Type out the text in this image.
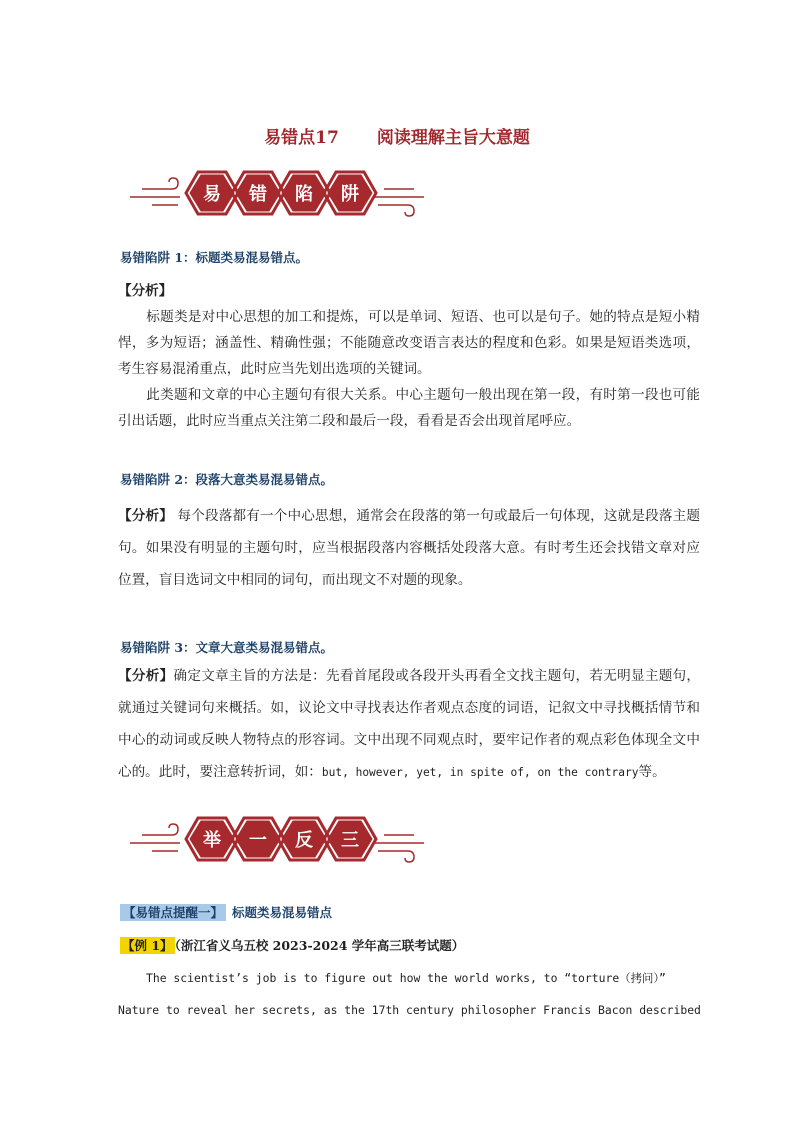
易错点17 阅读理解主旨大意题
易 错 陷 阱
易错陷阱 1：标题类易混易错点。
【分析】
标题类是对中心思想的加工和提炼，可以是单词、短语、也可以是句子。她的特点是短小精悍，多为短语；涵盖性、精确性强；不能随意改变语言表达的程度和色彩。如果是短语类选项，考生容易混淆重点，此时应当先划出选项的关键词。
此类题和文章的中心主题句有很大关系。中心主题句一般出现在第一段，有时第一段也可能引出话题，此时应当重点关注第二段和最后一段，看看是否会出现首尾呼应。
易错陷阱 2：段落大意类易混易错点。
【分析】 每个段落都有一个中心思想，通常会在段落的第一句或最后一句体现，这就是段落主题句。如果没有明显的主题句时，应当根据段落内容概括处段落大意。有时考生还会找错文章对应位置，盲目选词文中相同的词句，而出现文不对题的现象。
易错陷阱 3：文章大意类易混易错点。
【分析】确定文章主旨的方法是：先看首尾段或各段开头再看全文找主题句，若无明显主题句，就通过关键词句来概括。如，议论文中寻找表达作者观点态度的词语，记叙文中寻找概括情节和中心的动词或反映人物特点的形容词。文中出现不同观点时，要牢记作者的观点彩色体现全文中心的。此时，要注意转折词，如：but, however, yet, in spite of, on the contrary等。
举 一 反 三
【易错点提醒一】 标题类易混易错点
【例 1】 （浙江省义乌五校 2023-2024 学年高三联考试题）
The scientist’s job is to figure out how the world works, to “torture（拷问）”
Nature to reveal her secrets, as the 17th century philosopher Francis Bacon described
